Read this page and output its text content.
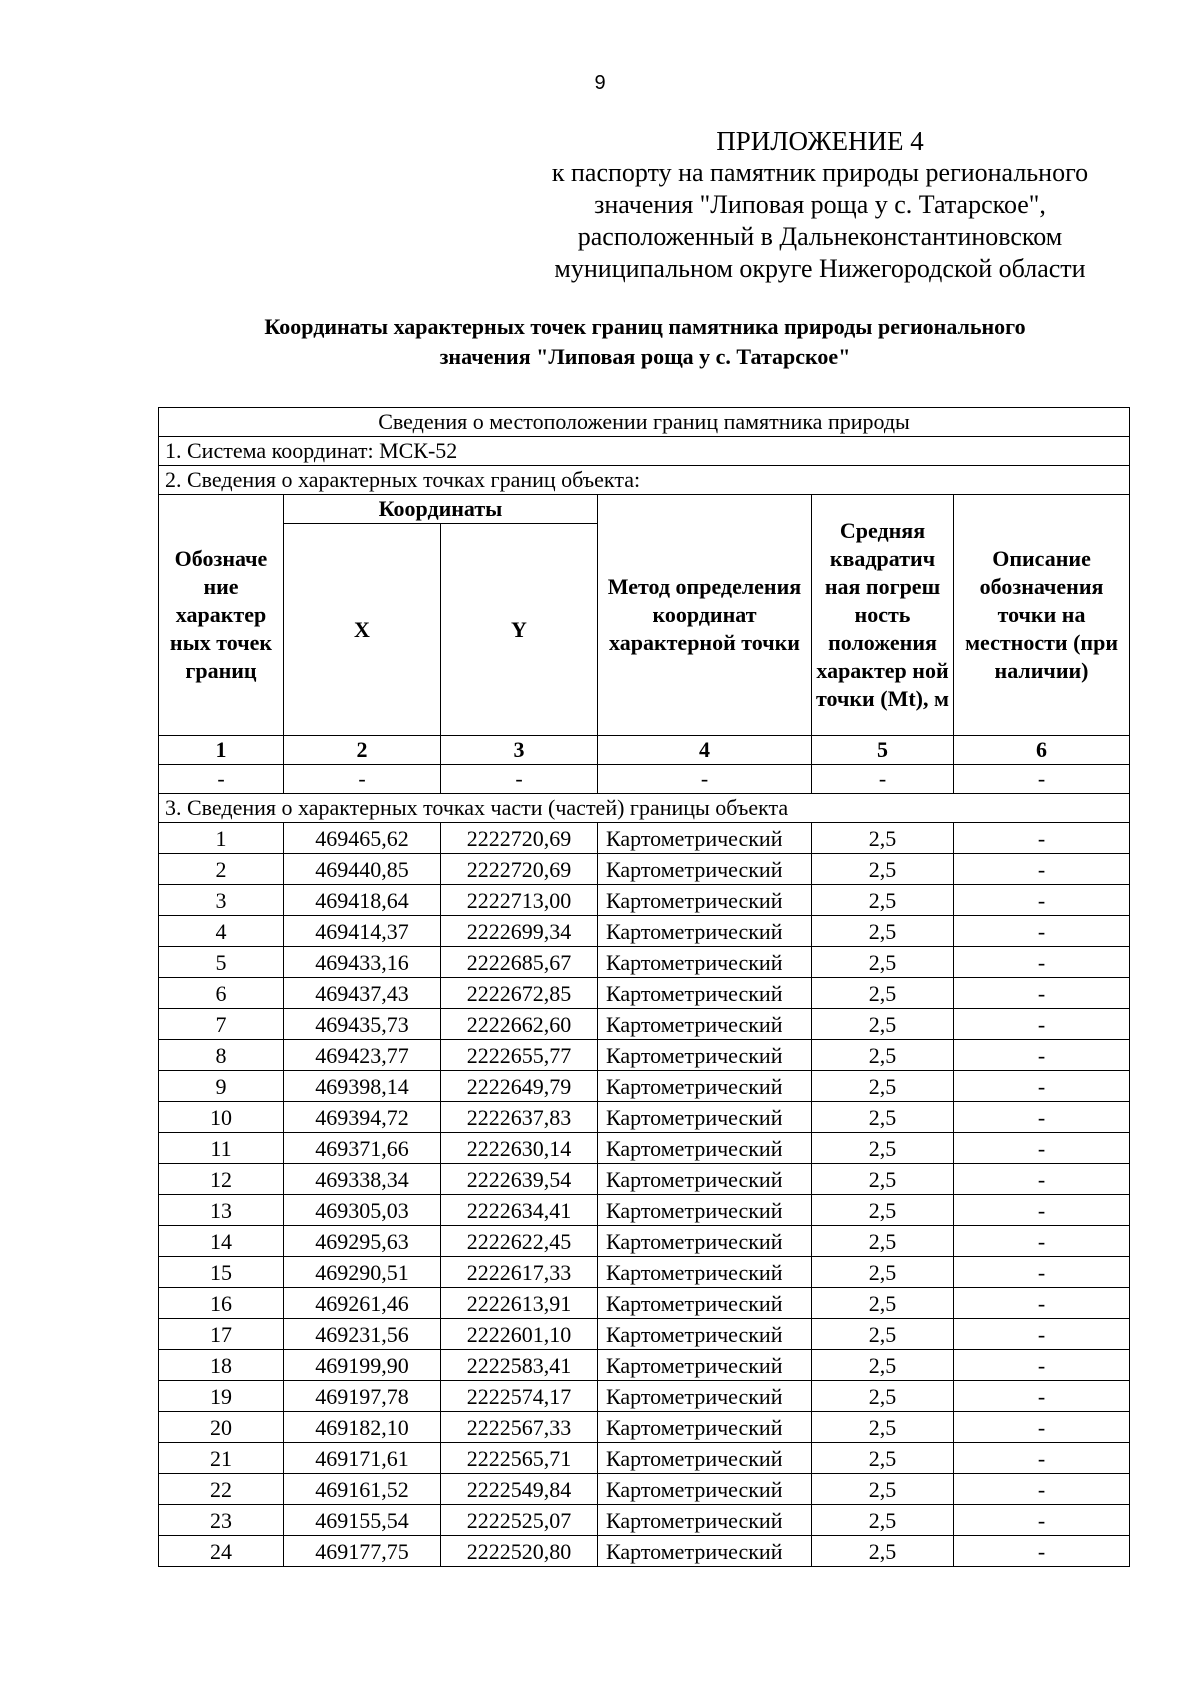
9
ПРИЛОЖЕНИЕ 4
к паспорту на памятник природы регионального
значения "Липовая роща у с. Татарское",
расположенный в Дальнеконстантиновском
муниципальном округе Нижегородской области
Координаты характерных точек границ памятника природы регионального
значения "Липовая роща у с. Татарское"
Сведения о местоположении границ памятника природы					
1. Система координат: МСК-52					
2. Сведения о характерных точках границ объекта:					
Обозначе ние характер ных точек границ	Координаты		Метод определения координат характерной точки	Средняя квадратич ная погреш ность положения характер ной точки (Mt), м	Описание обозначения точки на местности (при наличии)
	X	Y			
1	2	3	4	5	6
-	-	-	-	-	-
3. Сведения о характерных точках части (частей) границы объекта					
1	469465,62	2222720,69	Картометрический	2,5	-
2	469440,85	2222720,69	Картометрический	2,5	-
3	469418,64	2222713,00	Картометрический	2,5	-
4	469414,37	2222699,34	Картометрический	2,5	-
5	469433,16	2222685,67	Картометрический	2,5	-
6	469437,43	2222672,85	Картометрический	2,5	-
7	469435,73	2222662,60	Картометрический	2,5	-
8	469423,77	2222655,77	Картометрический	2,5	-
9	469398,14	2222649,79	Картометрический	2,5	-
10	469394,72	2222637,83	Картометрический	2,5	-
11	469371,66	2222630,14	Картометрический	2,5	-
12	469338,34	2222639,54	Картометрический	2,5	-
13	469305,03	2222634,41	Картометрический	2,5	-
14	469295,63	2222622,45	Картометрический	2,5	-
15	469290,51	2222617,33	Картометрический	2,5	-
16	469261,46	2222613,91	Картометрический	2,5	-
17	469231,56	2222601,10	Картометрический	2,5	-
18	469199,90	2222583,41	Картометрический	2,5	-
19	469197,78	2222574,17	Картометрический	2,5	-
20	469182,10	2222567,33	Картометрический	2,5	-
21	469171,61	2222565,71	Картометрический	2,5	-
22	469161,52	2222549,84	Картометрический	2,5	-
23	469155,54	2222525,07	Картометрический	2,5	-
24	469177,75	2222520,80	Картометрический	2,5	-
